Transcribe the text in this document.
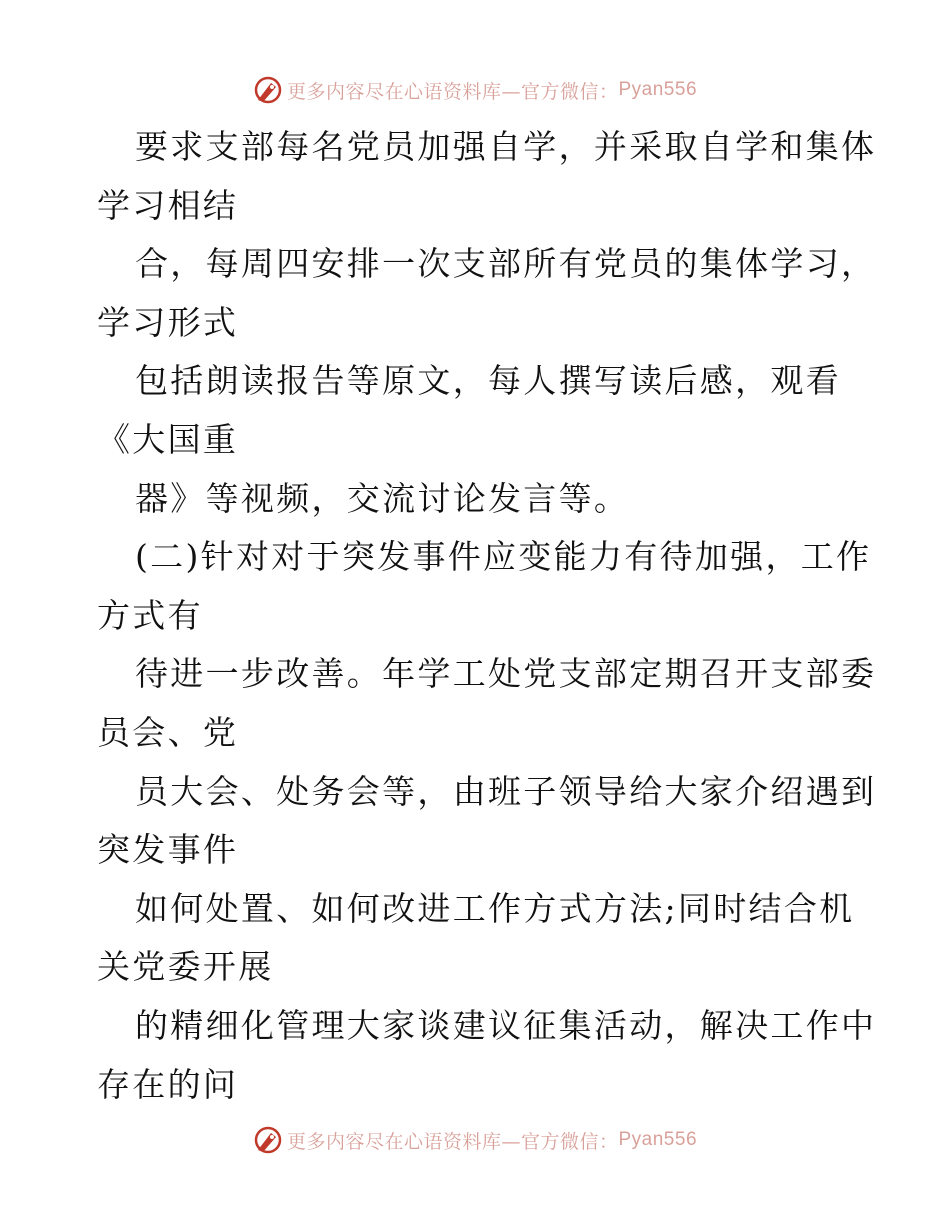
更多内容尽在心语资料库—官方微信： Pyan556
要求支部每名党员加强自学，并采取自学和集体
学习相结
合，每周四安排一次支部所有党员的集体学习，
学习形式
包括朗读报告等原文，每人撰写读后感，观看
《大国重
器》等视频，交流讨论发言等。
(二)针对对于突发事件应变能力有待加强，工作
方式有
待进一步改善。年学工处党支部定期召开支部委
员会、党
员大会、处务会等，由班子领导给大家介绍遇到
突发事件
如何处置、如何改进工作方式方法;同时结合机
关党委开展
的精细化管理大家谈建议征集活动，解决工作中
存在的问
更多内容尽在心语资料库—官方微信： Pyan556
